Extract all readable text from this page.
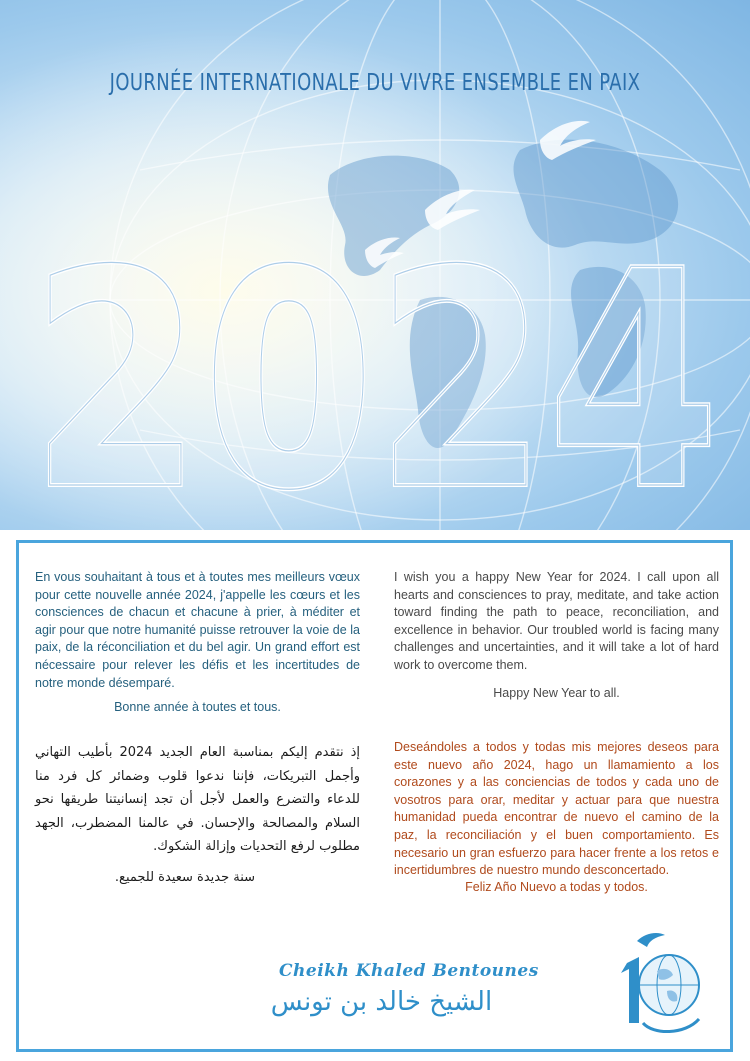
2024
2024
JOURNÉE INTERNATIONALE DU VIVRE ENSEMBLE EN PAIX

En vous souhaitant à tous et à toutes mes meilleurs vœux pour cette nouvelle année 2024, j'appelle les cœurs et les consciences de chacun et chacune à prier, à méditer et agir pour que notre humanité puisse retrouver la voie de la paix, de la réconciliation et du bel agir. Un grand effort est nécessaire pour relever les défis et les incertitudes de notre monde désemparé.

Bonne année à toutes et tous.

إذ نتقدم إليكم بمناسبة العام الجديد 2024 بأطيب التهاني وأجمل التبريكات، فإننا ندعوا قلوب وضمائر كل فرد منا للدعاء والتضرع والعمل لأجل أن تجد إنسانيتنا طريقها نحو السلام والمصالحة والإحسان. في عالمنا المضطرب، الجهد مطلوب لرفع التحديات وإزالة الشكوك.

سنة جديدة سعيدة للجميع.

I wish you a happy New Year for 2024. I call upon all hearts and consciences to pray, meditate, and take action toward finding the path to peace, reconciliation, and excellence in behavior. Our troubled world is facing many challenges and uncertainties, and it will take a lot of hard work to overcome them.

Happy New Year to all.

Deseándoles a todos y todas mis mejores deseos para este nuevo año 2024, hago un llamamiento a los corazones y a las conciencias de todos y cada uno de vosotros para orar, meditar y actuar para que nuestra humanidad pueda encontrar de nuevo el camino de la paz, la reconciliación y el buen comportamiento. Es necesario un gran esfuerzo para hacer frente a los retos e incertidumbres de nuestro mundo desconcertado.

Feliz Año Nuevo a todas y todos.

Cheikh Khaled Bentounes
الشيخ خالد بن تونس
